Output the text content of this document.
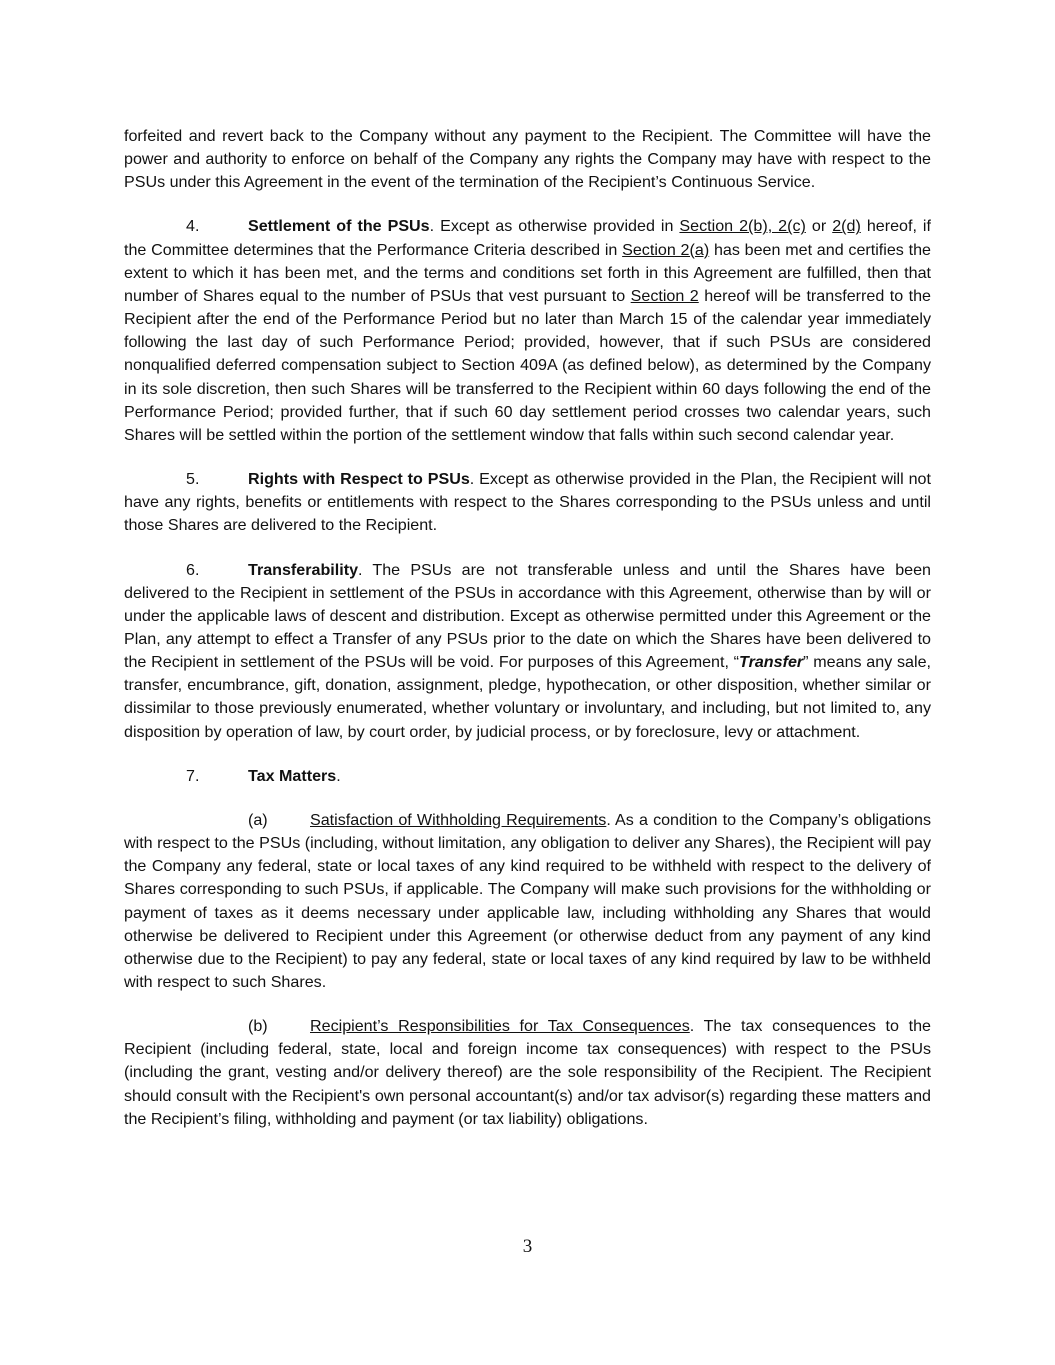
forfeited and revert back to the Company without any payment to the Recipient. The Committee will have the power and authority to enforce on behalf of the Company any rights the Company may have with respect to the PSUs under this Agreement in the event of the termination of the Recipient’s Continuous Service.

4.	Settlement of the PSUs. Except as otherwise provided in Section 2(b), 2(c) or 2(d) hereof, if the Committee determines that the Performance Criteria described in Section 2(a) has been met and certifies the extent to which it has been met, and the terms and conditions set forth in this Agreement are fulfilled, then that number of Shares equal to the number of PSUs that vest pursuant to Section 2 hereof will be transferred to the Recipient after the end of the Performance Period but no later than March 15 of the calendar year immediately following the last day of such Performance Period; provided, however, that if such PSUs are considered nonqualified deferred compensation subject to Section 409A (as defined below), as determined by the Company in its sole discretion, then such Shares will be transferred to the Recipient within 60 days following the end of the Performance Period; provided further, that if such 60 day settlement period crosses two calendar years, such Shares will be settled within the portion of the settlement window that falls within such second calendar year.

5.	Rights with Respect to PSUs. Except as otherwise provided in the Plan, the Recipient will not have any rights, benefits or entitlements with respect to the Shares corresponding to the PSUs unless and until those Shares are delivered to the Recipient.

6.	Transferability. The PSUs are not transferable unless and until the Shares have been delivered to the Recipient in settlement of the PSUs in accordance with this Agreement, otherwise than by will or under the applicable laws of descent and distribution. Except as otherwise permitted under this Agreement or the Plan, any attempt to effect a Transfer of any PSUs prior to the date on which the Shares have been delivered to the Recipient in settlement of the PSUs will be void. For purposes of this Agreement, “Transfer” means any sale, transfer, encumbrance, gift, donation, assignment, pledge, hypothecation, or other disposition, whether similar or dissimilar to those previously enumerated, whether voluntary or involuntary, and including, but not limited to, any disposition by operation of law, by court order, by judicial process, or by foreclosure, levy or attachment.

7.	Tax Matters.

(a)	Satisfaction of Withholding Requirements. As a condition to the Company’s obligations with respect to the PSUs (including, without limitation, any obligation to deliver any Shares), the Recipient will pay the Company any federal, state or local taxes of any kind required to be withheld with respect to the delivery of Shares corresponding to such PSUs, if applicable. The Company will make such provisions for the withholding or payment of taxes as it deems necessary under applicable law, including withholding any Shares that would otherwise be delivered to Recipient under this Agreement (or otherwise deduct from any payment of any kind otherwise due to the Recipient) to pay any federal, state or local taxes of any kind required by law to be withheld with respect to such Shares.

(b)	Recipient’s Responsibilities for Tax Consequences. The tax consequences to the Recipient (including federal, state, local and foreign income tax consequences) with respect to the PSUs (including the grant, vesting and/or delivery thereof) are the sole responsibility of the Recipient. The Recipient should consult with the Recipient's own personal accountant(s) and/or tax advisor(s) regarding these matters and the Recipient’s filing, withholding and payment (or tax liability) obligations.

3
